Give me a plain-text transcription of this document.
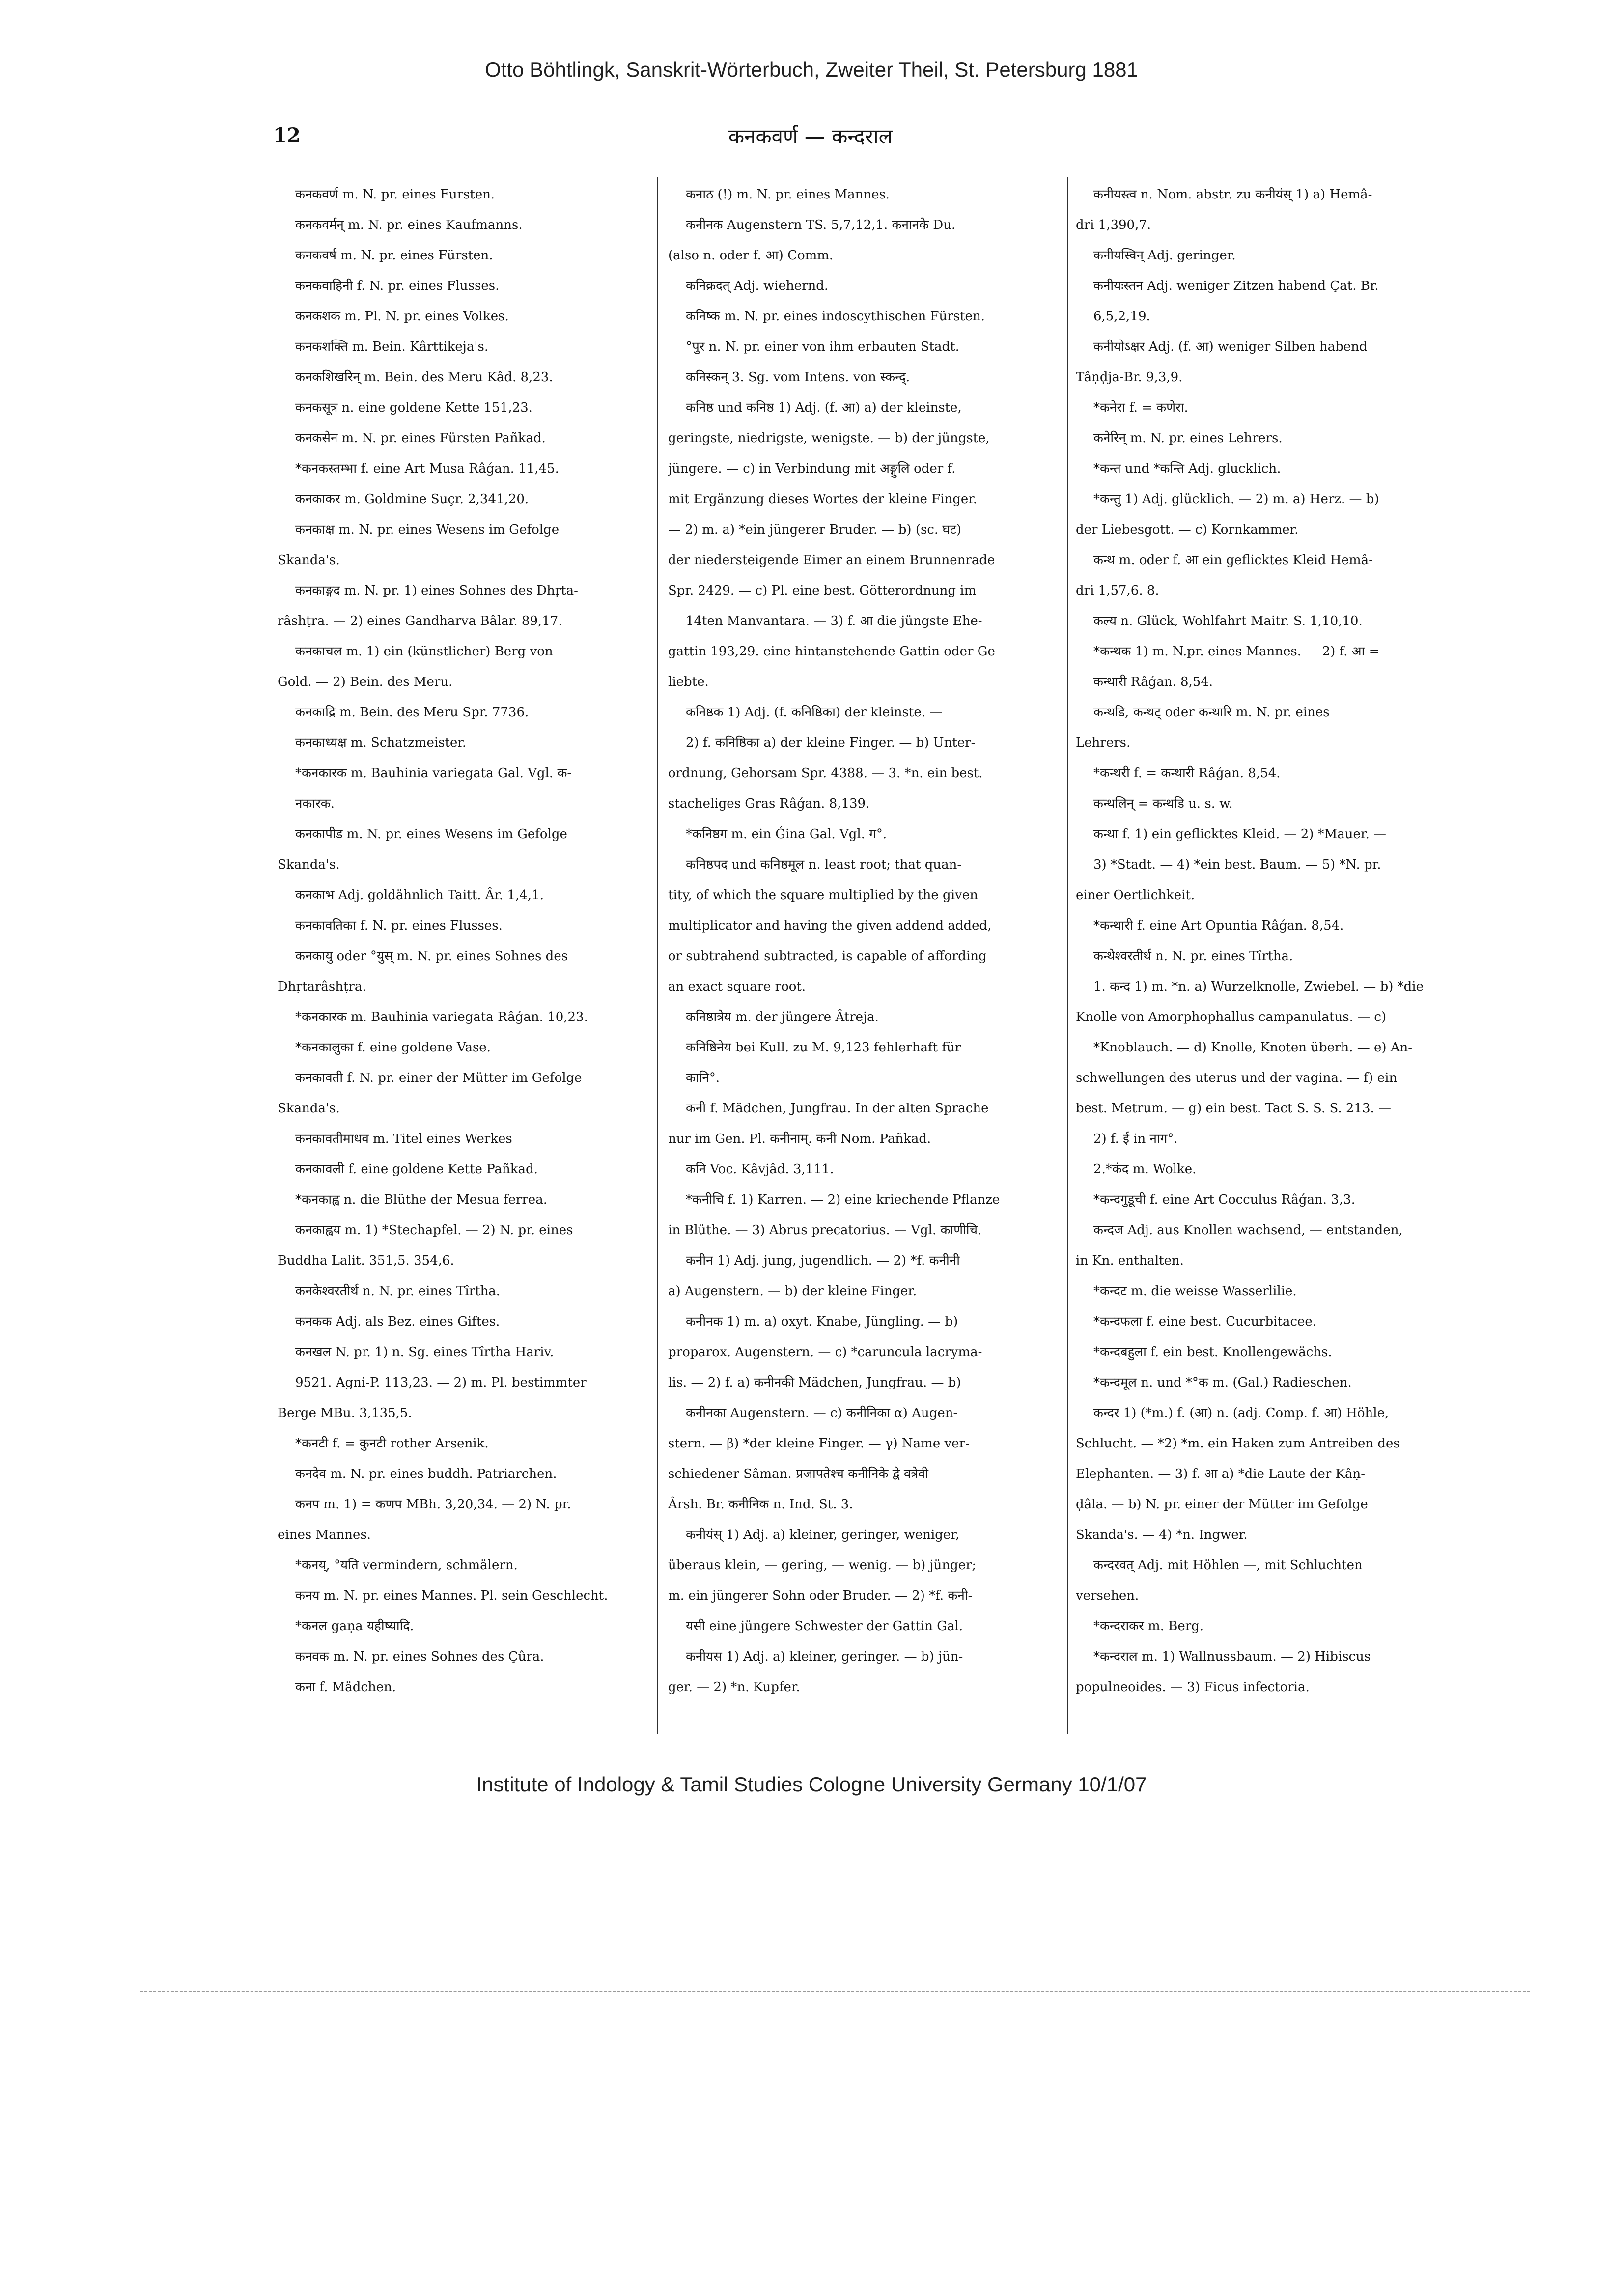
Otto Böhtlingk, Sanskrit-Wörterbuch, Zweiter Theil, St. Petersburg 1881
12	कनकवर्ण — कन्दराल
कनकवर्ण m. N. pr. eines Fursten.
कनकवर्मन् m. N. pr. eines Kaufmanns.
कनकवर्ष m. N. pr. eines Fürsten.
कनकवाहिनी f. N. pr. eines Flusses.
कनकशक m. Pl. N. pr. eines Volkes.
कनकशक्ति m. Bein. Kârttikeja's.
कनकशिखरिन् m. Bein. des Meru Kâd. 8,23.
कनकसूत्र n. eine goldene Kette 151,23.
कनकसेन m. N. pr. eines Fürsten Pañkad.
*कनकस्तम्भा f. eine Art Musa Râǵan. 11,45.
कनकाकर m. Goldmine Suçr. 2,341,20.
कनकाक्ष m. N. pr. eines Wesens im Gefolge
Skanda's.
कनकाङ्गद m. N. pr. 1) eines Sohnes des Dhṛta-
râshṭra. — 2) eines Gandharva Bâlar. 89,17.
कनकाचल m. 1) ein (künstlicher) Berg von
Gold. — 2) Bein. des Meru.
कनकाद्रि m. Bein. des Meru Spr. 7736.
कनकाध्यक्ष m. Schatzmeister.
*कनकारक m. Bauhinia variegata Gal. Vgl. क-
नकारक.
कनकापीड m. N. pr. eines Wesens im Gefolge
Skanda's.
कनकाभ Adj. goldähnlich Taitt. Âr. 1,4,1.
कनकावतिका f. N. pr. eines Flusses.
कनकायु oder °युस् m. N. pr. eines Sohnes des
Dhṛtarâshṭra.
*कनकारक m. Bauhinia variegata Râǵan. 10,23.
*कनकालुका f. eine goldene Vase.
कनकावती f. N. pr. einer der Mütter im Gefolge
Skanda's.
कनकावतीमाधव m. Titel eines Werkes
कनकावली f. eine goldene Kette Pañkad.
*कनकाह्व n. die Blüthe der Mesua ferrea.
कनकाह्वय m. 1) *Stechapfel. — 2) N. pr. eines
Buddha Lalit. 351,5. 354,6.
कनकेश्वरतीर्थ n. N. pr. eines Tîrtha.
कनकक Adj. als Bez. eines Giftes.
कनखल N. pr. 1) n. Sg. eines Tîrtha Hariv.
9521. Agni-P. 113,23. — 2) m. Pl. bestimmter
Berge MBu. 3,135,5.
*कनटी f. = कुनटी rother Arsenik.
कनदेव m. N. pr. eines buddh. Patriarchen.
कनप m. 1) = कणप MBh. 3,20,34. — 2) N. pr.
eines Mannes.
*कनय्, °यति vermindern, schmälern.
कनय m. N. pr. eines Mannes. Pl. sein Geschlecht.
*कनल gaṇa यहीष्यादि.
कनवक m. N. pr. eines Sohnes des Çûra.
कना f. Mädchen.
कनाठ (!) m. N. pr. eines Mannes.
कनीनक Augenstern TS. 5,7,12,1. कनानके Du.
(also n. oder f. आ) Comm.
कनिक्रदत् Adj. wiehernd.
कनिष्क m. N. pr. eines indoscythischen Fürsten.
°पुर n. N. pr. einer von ihm erbauten Stadt.
कनिस्कन् 3. Sg. vom Intens. von स्कन्द्.
कनिष्ठ und कनिष्ठ 1) Adj. (f. आ) a) der kleinste,
geringste, niedrigste, wenigste. — b) der jüngste,
jüngere. — c) in Verbindung mit अङ्गुलि oder f.
mit Ergänzung dieses Wortes der kleine Finger.
— 2) m. a) *ein jüngerer Bruder. — b) (sc. घट)
der niedersteigende Eimer an einem Brunnenrade
Spr. 2429. — c) Pl. eine best. Götterordnung im
14ten Manvantara. — 3) f. आ die jüngste Ehe-
gattin 193,29. eine hintanstehende Gattin oder Ge-
liebte.
कनिष्ठक 1) Adj. (f. कनिष्ठिका) der kleinste. —
2) f. कनिष्ठिका a) der kleine Finger. — b) Unter-
ordnung, Gehorsam Spr. 4388. — 3. *n. ein best.
stacheliges Gras Râǵan. 8,139.
*कनिष्ठग m. ein Ǵina Gal. Vgl. ग°.
कनिष्ठपद und कनिष्ठमूल n. least root; that quan-
tity, of which the square multiplied by the given
multiplicator and having the given addend added,
or subtrahend subtracted, is capable of affording
an exact square root.
कनिष्ठात्रेय m. der jüngere Âtreja.
कनिष्ठिनेय bei Kull. zu M. 9,123 fehlerhaft für
कानि°.
कनी f. Mädchen, Jungfrau. In der alten Sprache
nur im Gen. Pl. कनीनाम्. कनी Nom. Pañkad.
कनि Voc. Kâvjâd. 3,111.
*कनीचि f. 1) Karren. — 2) eine kriechende Pflanze
in Blüthe. — 3) Abrus precatorius. — Vgl. काणीचि.
कनीन 1) Adj. jung, jugendlich. — 2) *f. कनीनी
a) Augenstern. — b) der kleine Finger.
कनीनक 1) m. a) oxyt. Knabe, Jüngling. — b)
proparox. Augenstern. — c) *caruncula lacryma-
lis. — 2) f. a) कनीनकी Mädchen, Jungfrau. — b)
कनीनका Augenstern. — c) कनीनिका α) Augen-
stern. — β) *der kleine Finger. — γ) Name ver-
schiedener Sâman. प्रजापतेश्च कनीनिके द्वे वत्रेवी
Ârsh. Br. कनीनिक n. Ind. St. 3.
कनीयंस् 1) Adj. a) kleiner, geringer, weniger,
überaus klein, — gering, — wenig. — b) jünger;
m. ein jüngerer Sohn oder Bruder. — 2) *f. कनी-
यसी eine jüngere Schwester der Gattin Gal.
कनीयस 1) Adj. a) kleiner, geringer. — b) jün-
ger. — 2) *n. Kupfer.
कनीयस्त्व n. Nom. abstr. zu कनीयंस् 1) a) Hemâ-
dri 1,390,7.
कनीयस्विन् Adj. geringer.
कनीयःस्तन Adj. weniger Zitzen habend Çat. Br.
6,5,2,19.
कनीयोऽक्षर Adj. (f. आ) weniger Silben habend
Tâṇḍja-Br. 9,3,9.
*कनेरा f. = कणेरा.
कनेरिन् m. N. pr. eines Lehrers.
*कन्त und *कन्ति Adj. glucklich.
*कन्तु 1) Adj. glücklich. — 2) m. a) Herz. — b)
der Liebesgott. — c) Kornkammer.
कन्थ m. oder f. आ ein geflicktes Kleid Hemâ-
dri 1,57,6. 8.
कल्य n. Glück, Wohlfahrt Maitr. S. 1,10,10.
*कन्थक 1) m. N.pr. eines Mannes. — 2) f. आ =
कन्थारी Râǵan. 8,54.
कन्थडि, कन्थट् oder कन्थारि m. N. pr. eines
Lehrers.
*कन्थरी f. = कन्थारी Râǵan. 8,54.
कन्थलिन् = कन्थडि u. s. w.
कन्था f. 1) ein geflicktes Kleid. — 2) *Mauer. —
3) *Stadt. — 4) *ein best. Baum. — 5) *N. pr.
einer Oertlichkeit.
*कन्थारी f. eine Art Opuntia Râǵan. 8,54.
कन्थेश्वरतीर्थ n. N. pr. eines Tîrtha.
1. कन्द 1) m. *n. a) Wurzelknolle, Zwiebel. — b) *die
Knolle von Amorphophallus campanulatus. — c)
*Knoblauch. — d) Knolle, Knoten überh. — e) An-
schwellungen des uterus und der vagina. — f) ein
best. Metrum. — g) ein best. Tact S. S. S. 213. —
2) f. ई in नाग°.
2.*कंद m. Wolke.
*कन्दगुडूची f. eine Art Cocculus Râǵan. 3,3.
कन्दज Adj. aus Knollen wachsend, — entstanden,
in Kn. enthalten.
*कन्दट m. die weisse Wasserlilie.
*कन्दफला f. eine best. Cucurbitacee.
*कन्दबहुला f. ein best. Knollengewächs.
*कन्दमूल n. und *°क m. (Gal.) Radieschen.
कन्दर 1) (*m.) f. (आ) n. (adj. Comp. f. आ) Höhle,
Schlucht. — *2) *m. ein Haken zum Antreiben des
Elephanten. — 3) f. आ a) *die Laute der Kâṇ-
ḍâla. — b) N. pr. einer der Mütter im Gefolge
Skanda's. — 4) *n. Ingwer.
कन्दरवत् Adj. mit Höhlen —, mit Schluchten
versehen.
*कन्दराकर m. Berg.
*कन्दराल m. 1) Wallnussbaum. — 2) Hibiscus
populneoides. — 3) Ficus infectoria.
Institute of Indology & Tamil Studies Cologne University Germany 10/1/07
